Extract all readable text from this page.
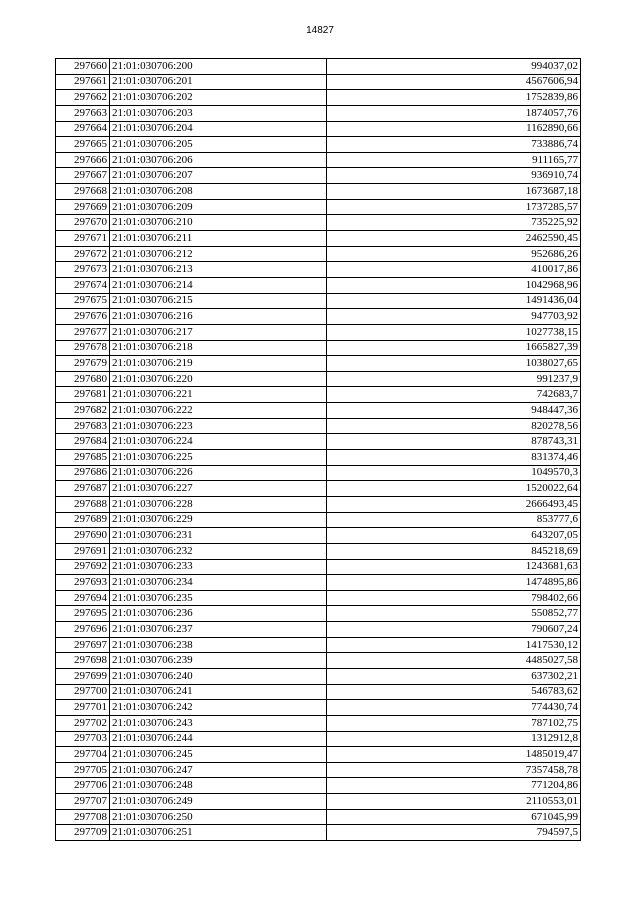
14827
297660	21:01:030706:200	994037,02
297661	21:01:030706:201	4567606,94
297662	21:01:030706:202	1752839,86
297663	21:01:030706:203	1874057,76
297664	21:01:030706:204	1162890,66
297665	21:01:030706:205	733886,74
297666	21:01:030706:206	911165,77
297667	21:01:030706:207	936910,74
297668	21:01:030706:208	1673687,18
297669	21:01:030706:209	1737285,57
297670	21:01:030706:210	735225,92
297671	21:01:030706:211	2462590,45
297672	21:01:030706:212	952686,26
297673	21:01:030706:213	410017,86
297674	21:01:030706:214	1042968,96
297675	21:01:030706:215	1491436,04
297676	21:01:030706:216	947703,92
297677	21:01:030706:217	1027738,15
297678	21:01:030706:218	1665827,39
297679	21:01:030706:219	1038027,65
297680	21:01:030706:220	991237,9
297681	21:01:030706:221	742683,7
297682	21:01:030706:222	948447,36
297683	21:01:030706:223	820278,56
297684	21:01:030706:224	878743,31
297685	21:01:030706:225	831374,46
297686	21:01:030706:226	1049570,3
297687	21:01:030706:227	1520022,64
297688	21:01:030706:228	2666493,45
297689	21:01:030706:229	853777,6
297690	21:01:030706:231	643207,05
297691	21:01:030706:232	845218,69
297692	21:01:030706:233	1243681,63
297693	21:01:030706:234	1474895,86
297694	21:01:030706:235	798402,66
297695	21:01:030706:236	550852,77
297696	21:01:030706:237	790607,24
297697	21:01:030706:238	1417530,12
297698	21:01:030706:239	4485027,58
297699	21:01:030706:240	637302,21
297700	21:01:030706:241	546783,62
297701	21:01:030706:242	774430,74
297702	21:01:030706:243	787102,75
297703	21:01:030706:244	1312912,8
297704	21:01:030706:245	1485019,47
297705	21:01:030706:247	7357458,78
297706	21:01:030706:248	771204,86
297707	21:01:030706:249	2110553,01
297708	21:01:030706:250	671045,99
297709	21:01:030706:251	794597,5
